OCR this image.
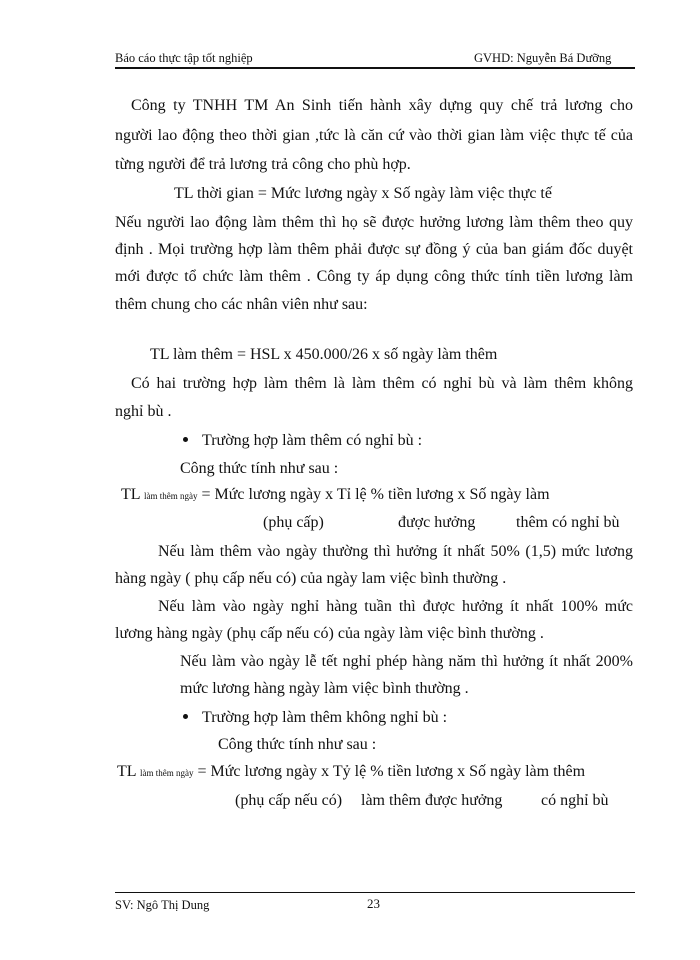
Báo cáo thực tập tốt nghiệp	GVHD: Nguyễn Bá Dưỡng
Công ty TNHH TM An Sinh tiến hành xây dựng quy chế trả lương cho
người lao động theo thời gian ,tức là căn cứ vào thời gian làm việc thực tế của
từng người để trả lương trả công cho phù hợp.
TL thời gian = Mức lương ngày x Số ngày làm việc thực tế
Nếu người lao động làm thêm thì họ sẽ được hưởng lương làm thêm theo quy
định . Mọi trường hợp làm thêm phải được sự đồng ý của ban giám đốc duyệt
mới được tổ chức làm thêm . Công ty áp dụng công thức tính tiền lương làm
thêm chung cho các nhân viên như sau:
TL làm thêm = HSL x 450.000/26 x số ngày làm thêm
Có hai trường hợp làm thêm là làm thêm có nghỉ bù và làm thêm không
nghỉ bù .
Trường hợp làm thêm có nghỉ bù :
Công thức tính như sau :
TL làm thêm ngày = Mức lương ngày x Tỉ lệ % tiền lương x Số ngày làm
(phụ cấp)	được hưởng	thêm có nghỉ bù
Nếu làm thêm vào ngày thường thì hưởng ít nhất 50% (1,5) mức lương
hàng ngày ( phụ cấp nếu có) của ngày lam việc bình thường .
Nếu làm vào ngày nghỉ hàng tuần thì được hưởng ít nhất 100% mức
lương hàng ngày (phụ cấp nếu có) của ngày làm việc bình thường .
Nếu làm vào ngày lễ tết nghỉ phép hàng năm thì hưởng ít nhất 200%
mức lương hàng ngày làm việc bình thường .
Trường hợp làm thêm không nghỉ bù :
Công thức tính như sau :
TL làm thêm ngày = Mức lương ngày x Tỷ lệ % tiền lương x Số ngày làm thêm
(phụ cấp nếu có) làm thêm được hưởng có nghỉ bù
SV: Ngô Thị Dung	23
